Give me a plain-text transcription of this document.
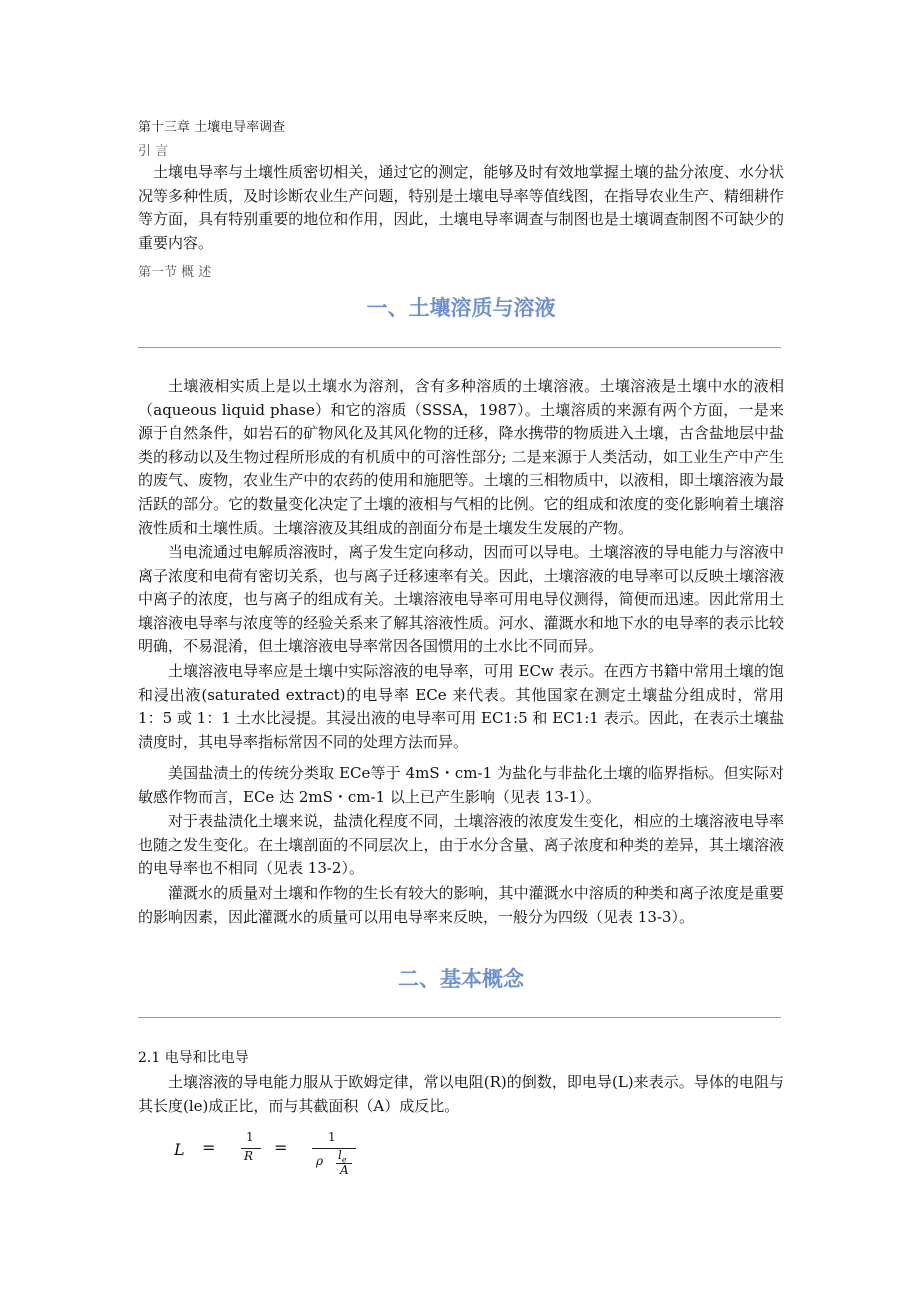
第十三章 土壤电导率调查
引 言

土壤电导率与土壤性质密切相关，通过它的测定，能够及时有效地掌握土壤的盐分浓度、水分状况等多种性质，及时诊断农业生产问题，特别是土壤电导率等值线图，在指导农业生产、精细耕作等方面，具有特别重要的地位和作用，因此，土壤电导率调查与制图也是土壤调查制图不可缺少的重要内容。

第一节 概 述
一、土壤溶质与溶液

土壤液相实质上是以土壤水为溶剂，含有多种溶质的土壤溶液。土壤溶液是土壤中水的液相（aqueous liquid phase）和它的溶质（SSSA，1987）。土壤溶质的来源有两个方面，一是来源于自然条件，如岩石的矿物风化及其风化物的迁移，降水携带的物质进入土壤，古含盐地层中盐类的移动以及生物过程所形成的有机质中的可溶性部分; 二是来源于人类活动，如工业生产中产生的废气、废物，农业生产中的农药的使用和施肥等。土壤的三相物质中，以液相，即土壤溶液为最活跃的部分。它的数量变化决定了土壤的液相与气相的比例。它的组成和浓度的变化影响着土壤溶液性质和土壤性质。土壤溶液及其组成的剖面分布是土壤发生发展的产物。

当电流通过电解质溶液时，离子发生定向移动，因而可以导电。土壤溶液的导电能力与溶液中离子浓度和电荷有密切关系，也与离子迁移速率有关。因此，土壤溶液的电导率可以反映土壤溶液中离子的浓度，也与离子的组成有关。土壤溶液电导率可用电导仪测得，简便而迅速。因此常用土壤溶液电导率与浓度等的经验关系来了解其溶液性质。河水、灌溉水和地下水的电导率的表示比较明确，不易混淆，但土壤溶液电导率常因各国惯用的土水比不同而异。

土壤溶液电导率应是土壤中实际溶液的电导率，可用 ECw 表示。在西方书籍中常用土壤的饱和浸出液(saturated extract)的电导率 ECe 来代表。其他国家在测定土壤盐分组成时，常用 1：5 或 1：1 土水比浸提。其浸出液的电导率可用 EC1:5 和 EC1:1 表示。因此，在表示土壤盐渍度时，其电导率指标常因不同的处理方法而异。

美国盐渍土的传统分类取 ECe等于 4mS・cm-1 为盐化与非盐化土壤的临界指标。但实际对敏感作物而言，ECe 达 2mS・cm-1 以上已产生影响（见表 13-1）。

对于表盐渍化土壤来说，盐渍化程度不同，土壤溶液的浓度发生变化，相应的土壤溶液电导率也随之发生变化。在土壤剖面的不同层次上，由于水分含量、离子浓度和种类的差异，其土壤溶液的电导率也不相同（见表 13-2）。

灌溉水的质量对土壤和作物的生长有较大的影响，其中灌溉水中溶质的种类和离子浓度是重要的影响因素，因此灌溉水的质量可以用电导率来反映，一般分为四级（见表 13-3）。

二、基本概念
2.1 电导和比电导

土壤溶液的导电能力服从于欧姆定律，常以电阻(R)的倒数，即电导(L)来表示。导体的电阻与其长度(le)成正比，而与其截面积（A）成反比。

L =
1
R =
1
ρ $l_e$
A
